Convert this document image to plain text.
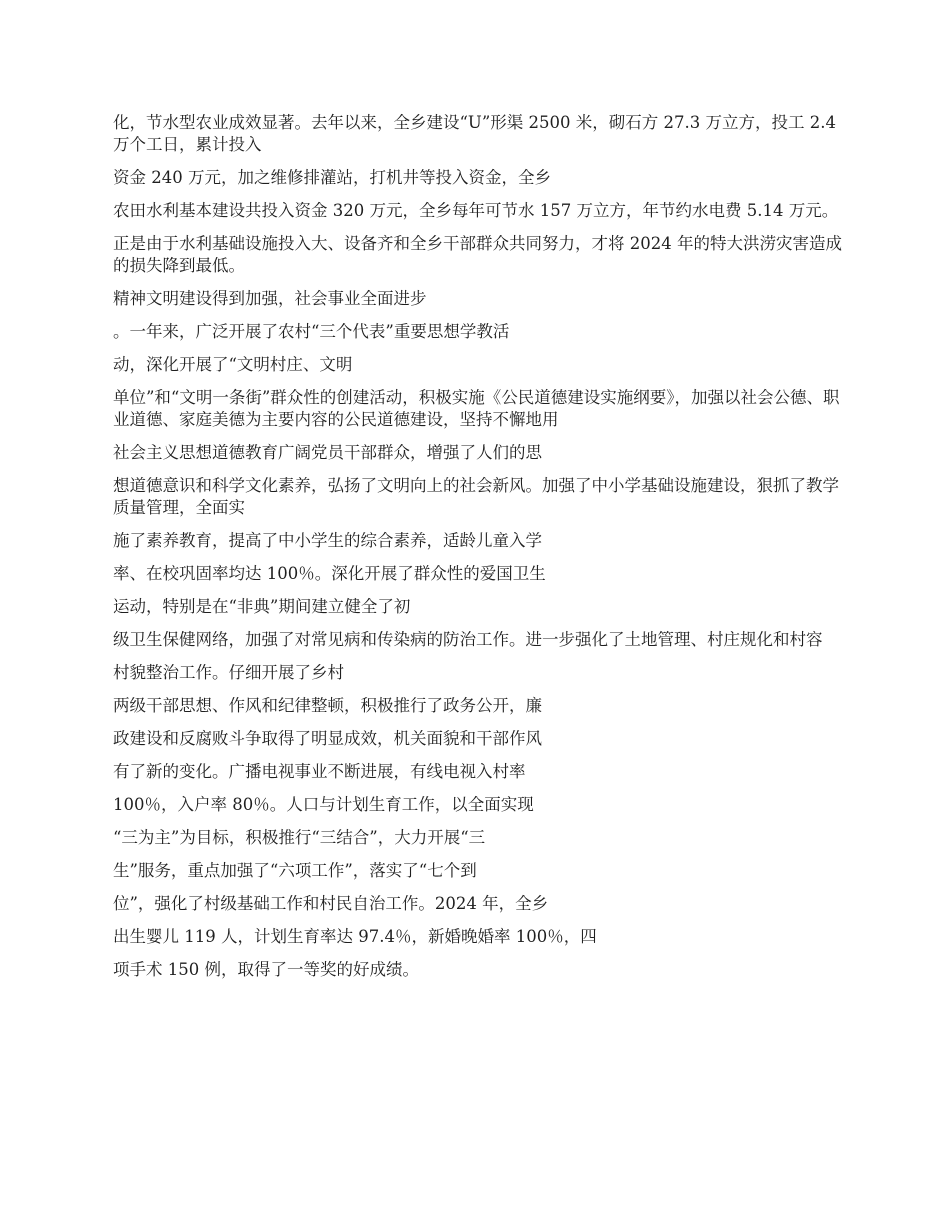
化，节水型农业成效显著。去年以来，全乡建设“U”形渠 2500 米，砌石方 27.3 万立方，投工 2.4 万个工日，累计投入

资金 240 万元，加之维修排灌站，打机井等投入资金，全乡

农田水利基本建设共投入资金 320 万元，全乡每年可节水 157 万立方，年节约水电费 5.14 万元。

正是由于水利基础设施投入大、设备齐和全乡干部群众共同努力，才将 2024 年的特大洪涝灾害造成的损失降到最低。

精神文明建设得到加强，社会事业全面进步

。一年来，广泛开展了农村“三个代表”重要思想学教活

动，深化开展了“文明村庄、文明

单位”和“文明一条街”群众性的创建活动，积极实施《公民道德建设实施纲要》，加强以社会公德、职业道德、家庭美德为主要内容的公民道德建设，坚持不懈地用

社会主义思想道德教育广阔党员干部群众，增强了人们的思

想道德意识和科学文化素养，弘扬了文明向上的社会新风。加强了中小学基础设施建设，狠抓了教学质量管理，全面实

施了素养教育，提高了中小学生的综合素养，适龄儿童入学

率、在校巩固率均达 100％。深化开展了群众性的爱国卫生

运动，特别是在“非典”期间建立健全了初

级卫生保健网络，加强了对常见病和传染病的防治工作。进一步强化了土地管理、村庄规化和村容

村貌整治工作。仔细开展了乡村

两级干部思想、作风和纪律整顿，积极推行了政务公开，廉

政建设和反腐败斗争取得了明显成效，机关面貌和干部作风

有了新的变化。广播电视事业不断进展，有线电视入村率

100％，入户率 80％。人口与计划生育工作，以全面实现

“三为主”为目标，积极推行“三结合”，大力开展“三

生”服务，重点加强了“六项工作”，落实了“七个到

位”，强化了村级基础工作和村民自治工作。2024 年，全乡

出生婴儿 119 人，计划生育率达 97.4％，新婚晚婚率 100％，四

项手术 150 例，取得了一等奖的好成绩。
